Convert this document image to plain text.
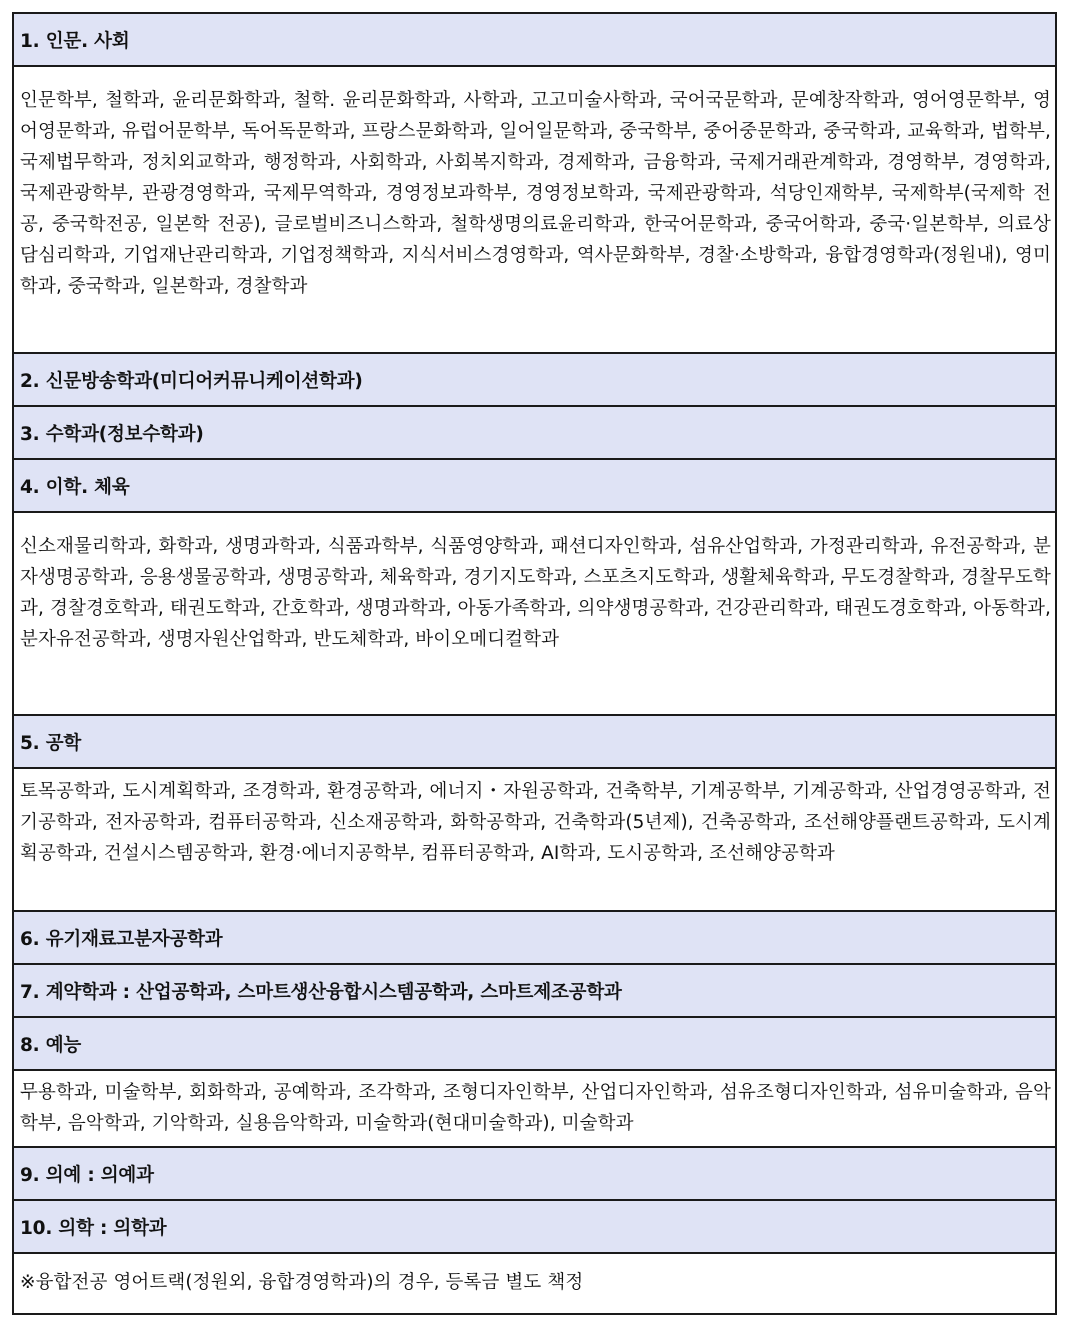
1. 인문. 사회
인문학부, 철학과, 윤리문화학과, 철학. 윤리문화학과, 사학과, 고고미술사학과, 국어국문학과, 문예창작학과, 영어영문학부, 영어영문학과, 유럽어문학부, 독어독문학과, 프랑스문화학과, 일어일문학과, 중국학부, 중어중문학과, 중국학과, 교육학과, 법학부, 국제법무학과, 정치외교학과, 행정학과, 사회학과, 사회복지학과, 경제학과, 금융학과, 국제거래관계학과, 경영학부, 경영학과, 국제관광학부, 관광경영학과, 국제무역학과, 경영정보과학부, 경영정보학과, 국제관광학과, 석당인재학부, 국제학부(국제학 전공, 중국학전공, 일본학 전공), 글로벌비즈니스학과, 철학생명의료윤리학과, 한국어문학과, 중국어학과, 중국·일본학부, 의료상담심리학과, 기업재난관리학과, 기업정책학과, 지식서비스경영학과, 역사문화학부, 경찰·소방학과, 융합경영학과(정원내), 영미학과, 중국학과, 일본학과, 경찰학과
2. 신문방송학과(미디어커뮤니케이션학과)
3. 수학과(정보수학과)
4. 이학. 체육
신소재물리학과, 화학과, 생명과학과, 식품과학부, 식품영양학과, 패션디자인학과, 섬유산업학과, 가정관리학과, 유전공학과, 분자생명공학과, 응용생물공학과, 생명공학과, 체육학과, 경기지도학과, 스포츠지도학과, 생활체육학과, 무도경찰학과, 경찰무도학과, 경찰경호학과, 태권도학과, 간호학과, 생명과학과, 아동가족학과, 의약생명공학과, 건강관리학과, 태권도경호학과, 아동학과, 분자유전공학과, 생명자원산업학과, 반도체학과, 바이오메디컬학과
5. 공학
토목공학과, 도시계획학과, 조경학과, 환경공학과, 에너지・자원공학과, 건축학부, 기계공학부, 기계공학과, 산업경영공학과, 전기공학과, 전자공학과, 컴퓨터공학과, 신소재공학과, 화학공학과, 건축학과(5년제), 건축공학과, 조선해양플랜트공학과, 도시계획공학과, 건설시스템공학과, 환경·에너지공학부, 컴퓨터공학과, AI학과, 도시공학과, 조선해양공학과
6. 유기재료고분자공학과
7. 계약학과 : 산업공학과, 스마트생산융합시스템공학과, 스마트제조공학과
8. 예능
무용학과, 미술학부, 회화학과, 공예학과, 조각학과, 조형디자인학부, 산업디자인학과, 섬유조형디자인학과, 섬유미술학과, 음악학부, 음악학과, 기악학과, 실용음악학과, 미술학과(현대미술학과), 미술학과
9. 의예 : 의예과
10. 의학 : 의학과
※융합전공 영어트랙(정원외, 융합경영학과)의 경우, 등록금 별도 책정
